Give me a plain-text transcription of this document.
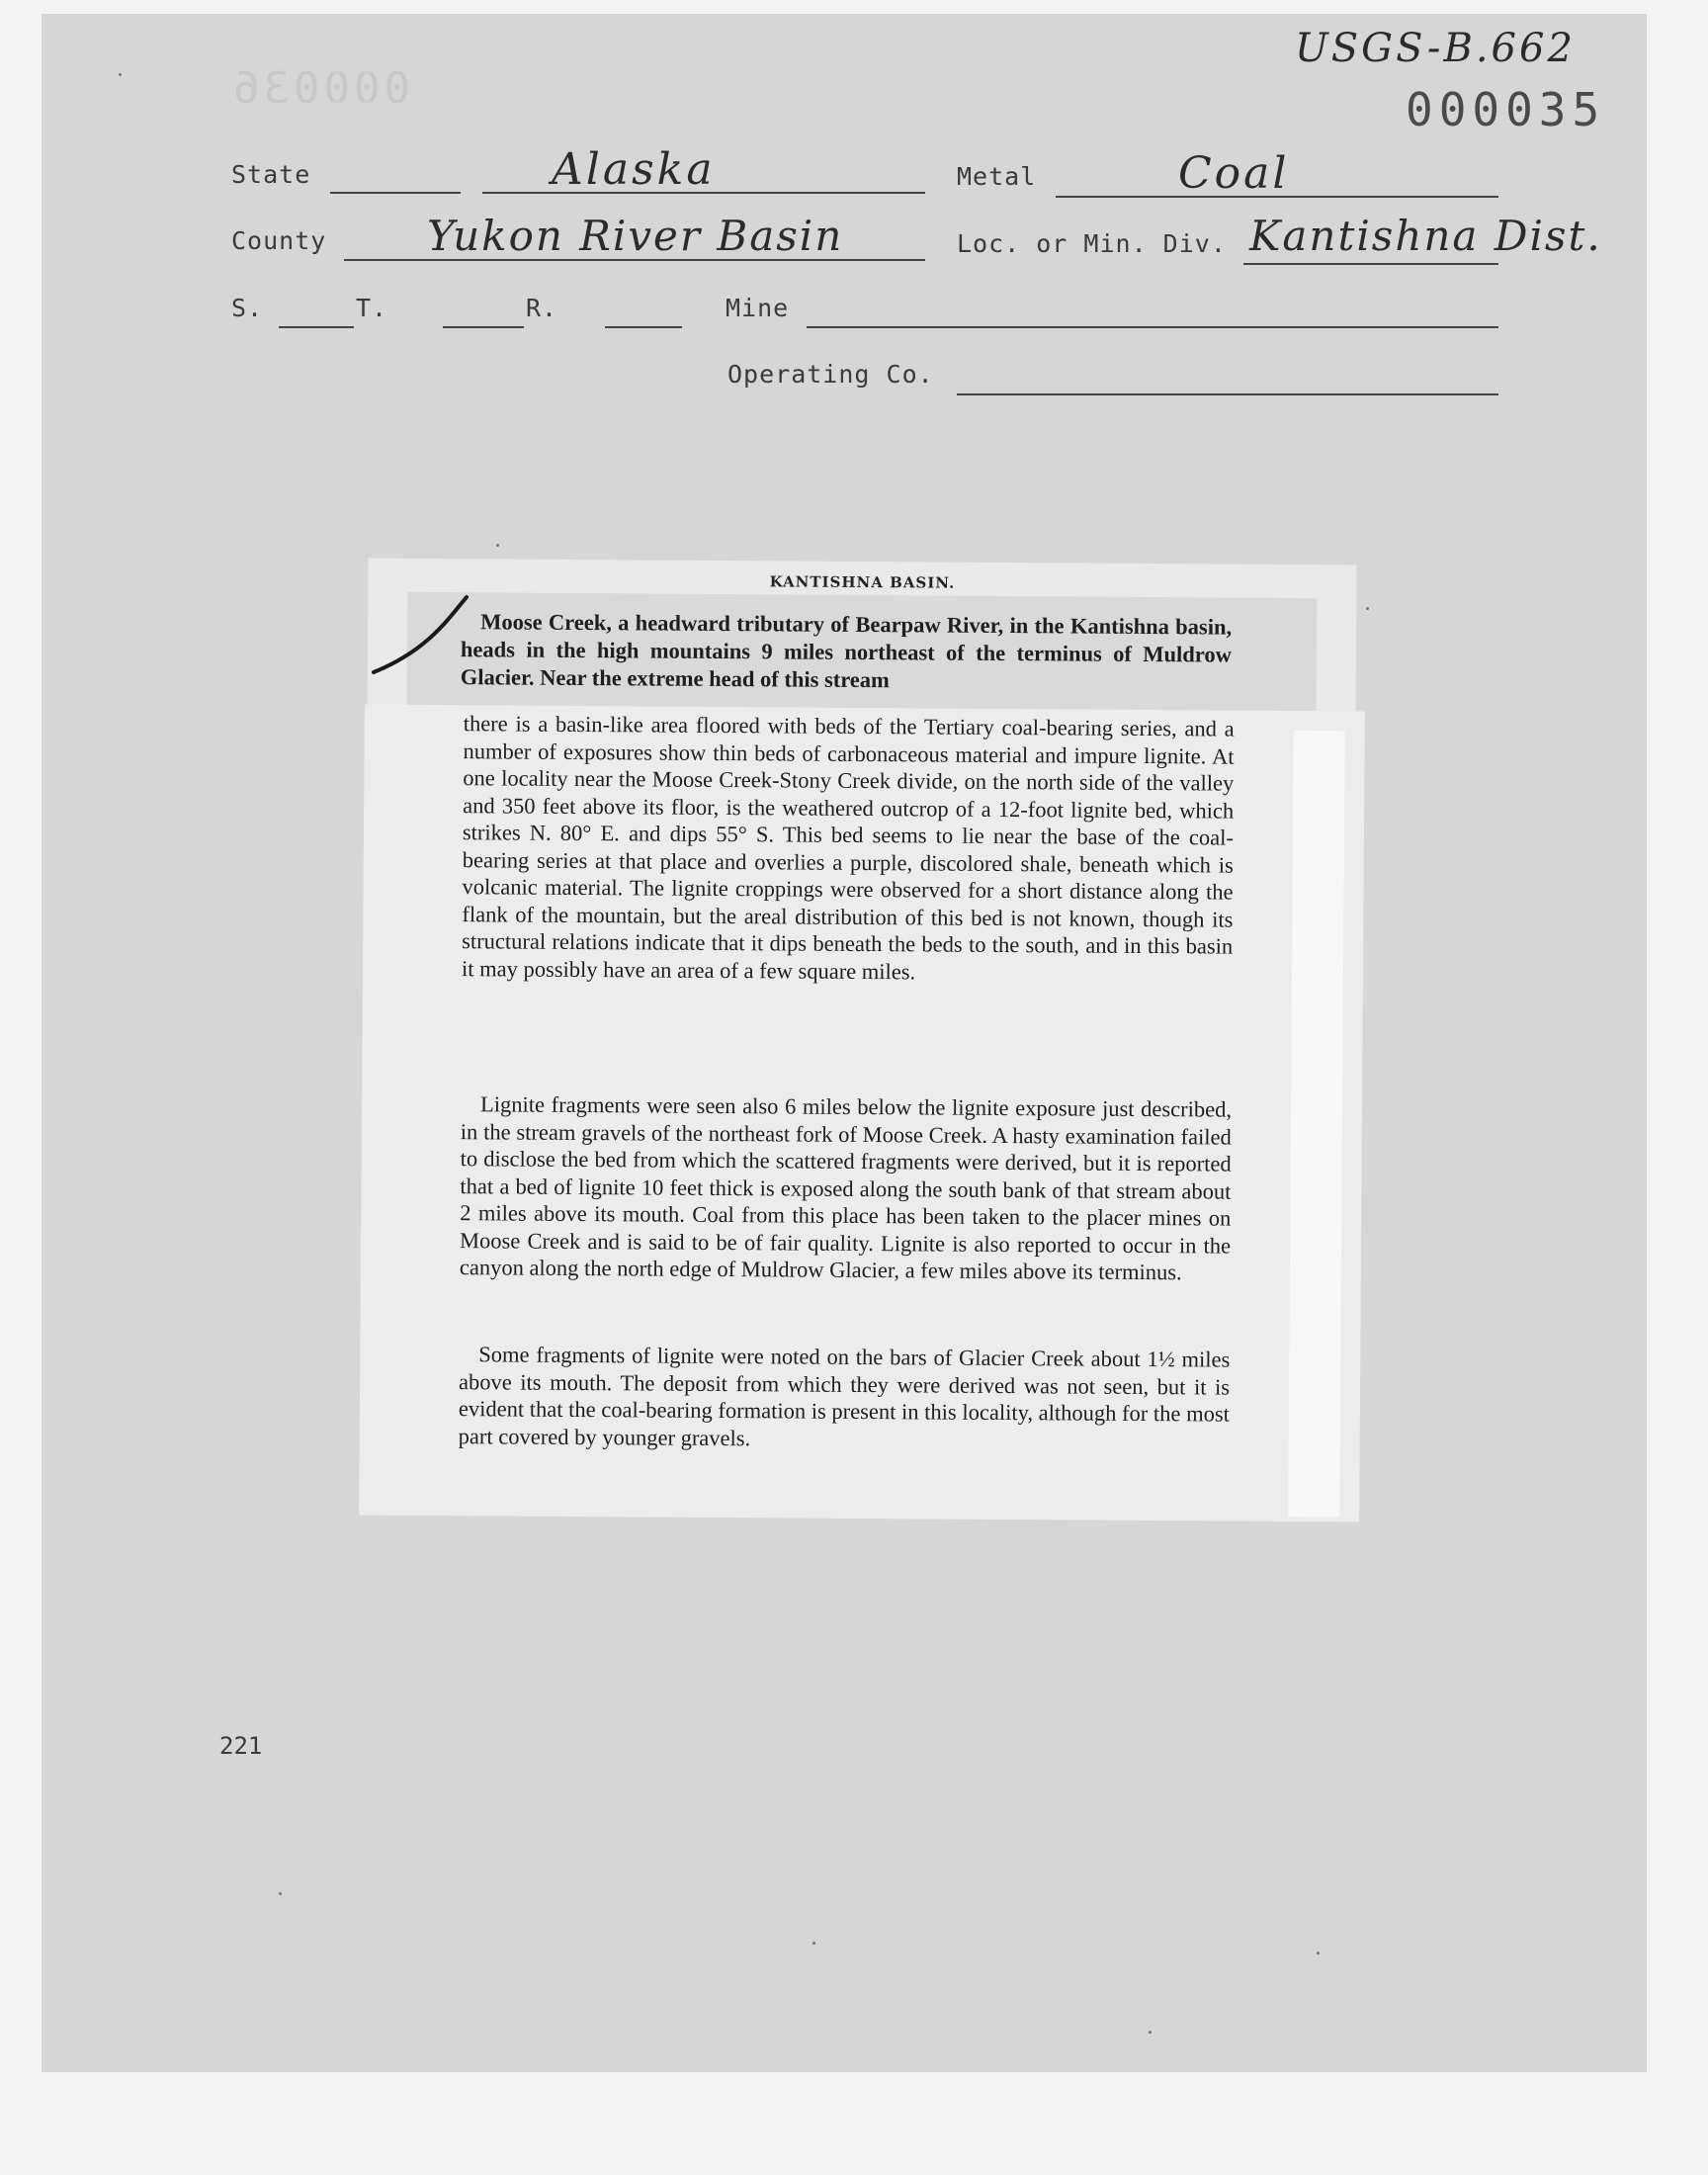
000036
USGS-B.662
000035
State	Alaska	Metal	Coal
County Yukon River Basin	Loc. or Min. Div. Kantishna Dist.
S.	T.	R.	Mine
Operating Co.
221
KANTISHNA BASIN.

Moose Creek, a headward tributary of Bearpaw River, in the Kantishna basin, heads in the high mountains 9 miles northeast of the terminus of Muldrow Glacier. Near the extreme head of this stream

there is a basin-like area floored with beds of the Tertiary coal-bearing series, and a number of exposures show thin beds of carbonaceous material and impure lignite. At one locality near the Moose Creek-Stony Creek divide, on the north side of the valley and 350 feet above its floor, is the weathered outcrop of a 12-foot lignite bed, which strikes N. 80° E. and dips 55° S. This bed seems to lie near the base of the coal-bearing series at that place and overlies a purple, discolored shale, beneath which is volcanic material. The lignite croppings were observed for a short distance along the flank of the mountain, but the areal distribution of this bed is not known, though its structural relations indicate that it dips beneath the beds to the south, and in this basin it may possibly have an area of a few square miles.

Lignite fragments were seen also 6 miles below the lignite exposure just described, in the stream gravels of the northeast fork of Moose Creek. A hasty examination failed to disclose the bed from which the scattered fragments were derived, but it is reported that a bed of lignite 10 feet thick is exposed along the south bank of that stream about 2 miles above its mouth. Coal from this place has been taken to the placer mines on Moose Creek and is said to be of fair quality. Lignite is also reported to occur in the canyon along the north edge of Muldrow Glacier, a few miles above its terminus.

Some fragments of lignite were noted on the bars of Glacier Creek about 1½ miles above its mouth. The deposit from which they were derived was not seen, but it is evident that the coal-bearing formation is present in this locality, although for the most part covered by younger gravels.
